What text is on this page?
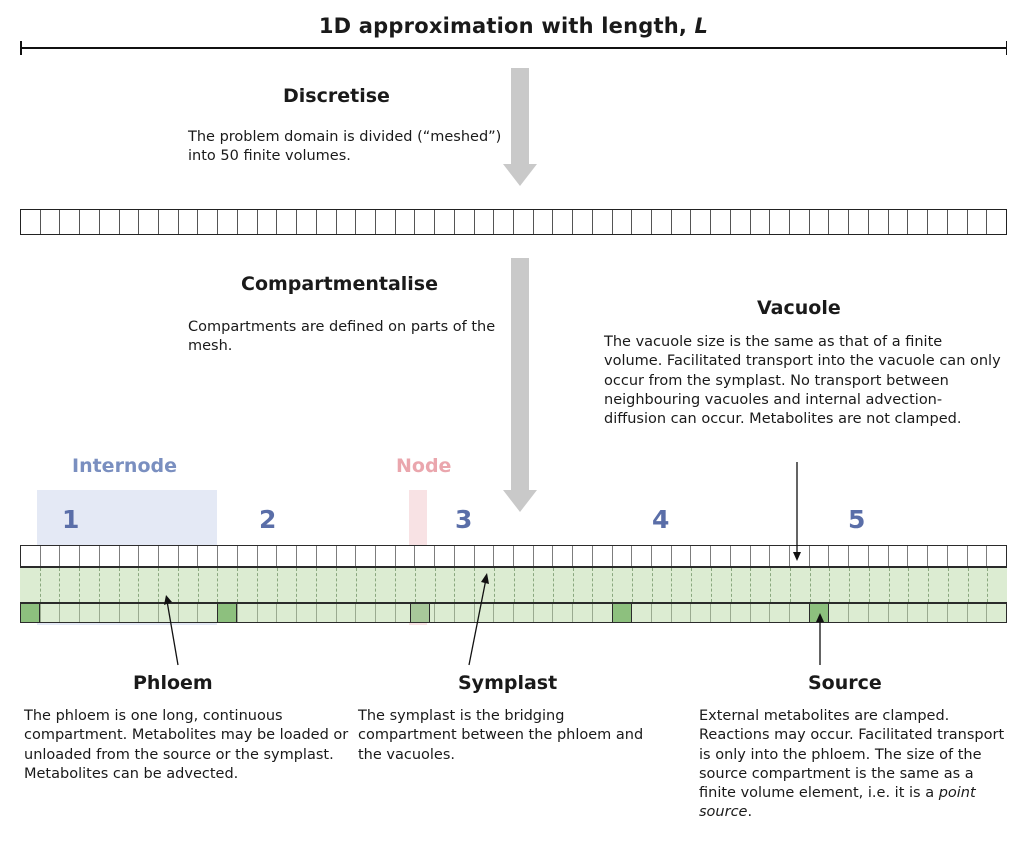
1D approximation with length, L
Discretise
The problem domain is divided (“meshed”) into 50 finite volumes.
Compartmentalise
Compartments are defined on parts of the mesh.
Vacuole
The vacuole size is the same as that of a finite volume. Facilitated transport into the vacuole can only occur from the symplast. No transport between neighbouring vacuoles and internal advection-diffusion can occur. Metabolites are not clamped.
Internode	Node
1	2	3	4	5
Phloem
The phloem is one long, continuous compartment. Metabolites may be loaded or unloaded from the source or the symplast. Metabolites can be advected.
Symplast
The symplast is the bridging compartment between the phloem and the vacuoles.
Source
External metabolites are clamped. Reactions may occur. Facilitated transport is only into the phloem. The size of the source compartment is the same as a finite volume element, i.e. it is a point source.
